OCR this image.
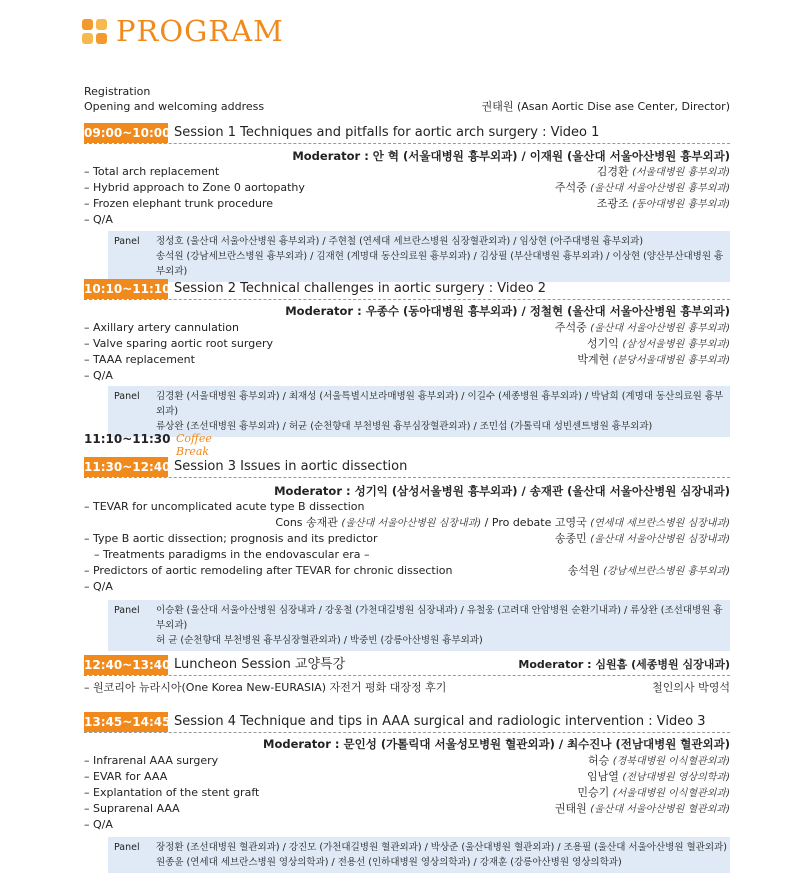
PROGRAM
Registration
Opening and welcoming address	권태원 (Asan Aortic Dise ase Center, Director)
09:00~10:00 Session 1 Techniques and pitfalls for aortic arch surgery : Video 1
Moderator : 안 혁 (서울대병원 흉부외과) / 이재원 (울산대 서울아산병원 흉부외과)
– Total arch replacement	김경환 (서울대병원 흉부외과)
– Hybrid approach to Zone 0 aortopathy	주석중 (울산대 서울아산병원 흉부외과)
– Frozen elephant trunk procedure	조광조 (동아대병원 흉부외과)
– Q/A
Panel 정성호 (울산대 서울아산병원 흉부외과) / 주현철 (연세대 세브란스병원 심장혈관외과) / 임상현 (아주대병원 흉부외과)
송석원 (강남세브란스병원 흉부외과) / 김재현 (계명대 동산의료원 흉부외과) / 김상필 (부산대병원 흉부외과) / 이상현 (양산부산대병원 흉부외과)
10:10~11:10 Session 2 Technical challenges in aortic surgery : Video 2
Moderator : 우종수 (동아대병원 흉부외과) / 정철현 (울산대 서울아산병원 흉부외과)
– Axillary artery cannulation	주석중 (울산대 서울아산병원 흉부외과)
– Valve sparing aortic root surgery	성기익 (삼성서울병원 흉부외과)
– TAAA replacement	박계현 (분당서울대병원 흉부외과)
– Q/A
Panel 김경환 (서울대병원 흉부외과) / 최재성 (서울특별시보라매병원 흉부외과) / 이길수 (세종병원 흉부외과) / 박남희 (계명대 동산의료원 흉부외과)
류상완 (조선대병원 흉부외과) / 허균 (순천향대 부천병원 흉부심장혈관외과) / 조민섭 (가톨릭대 성빈센트병원 흉부외과)
11:10~11:30 Coffee Break
11:30~12:40 Session 3 Issues in aortic dissection
Moderator : 성기익 (삼성서울병원 흉부외과) / 송재관 (울산대 서울아산병원 심장내과)
– TEVAR for uncomplicated acute type B dissection
Cons 송재관 (울산대 서울아산병원 심장내과) / Pro debate 고영국 (연세대 세브란스병원 심장내과)
– Type B aortic dissection; prognosis and its predictor	송종민 (울산대 서울아산병원 심장내과)
– Treatments paradigms in the endovascular era –
– Predictors of aortic remodeling after TEVAR for chronic dissection	송석원 (강남세브란스병원 흉부외과)
– Q/A
Panel 이승환 (울산대 서울아산병원 심장내과 / 강웅철 (가천대길병원 심장내과) / 유철웅 (고려대 안암병원 순환기내과) / 류상완 (조선대병원 흉부외과)
허 균 (순천향대 부천병원 흉부심장혈관외과) / 박중빈 (강릉아산병원 흉부외과)
12:40~13:40 Luncheon Session 교양특강	Moderator : 심원흠 (세종병원 심장내과)
– 원코리아 뉴라시아(One Korea New-EURASIA) 자전거 평화 대장정 후기	철인의사 박영석
13:45~14:45 Session 4 Technique and tips in AAA surgical and radiologic intervention : Video 3
Moderator : 문인성 (가톨릭대 서울성모병원 혈관외과) / 최수진나 (전남대병원 혈관외과)
– Infrarenal AAA surgery	허승 (경북대병원 이식혈관외과)
– EVAR for AAA	임남열 (전남대병원 영상의학과)
– Explantation of the stent graft	민승기 (서울대병원 이식혈관외과)
– Suprarenal AAA	권태원 (울산대 서울아산병원 혈관외과)
– Q/A
Panel 장정환 (조선대병원 혈관외과) / 강진모 (가천대길병원 혈관외과) / 박상준 (울산대병원 혈관외과) / 조용필 (울산대 서울아산병원 혈관외과)
원종윤 (연세대 세브란스병원 영상의학과) / 전용선 (인하대병원 영상의학과) / 강재훈 (강릉아산병원 영상의학과)
